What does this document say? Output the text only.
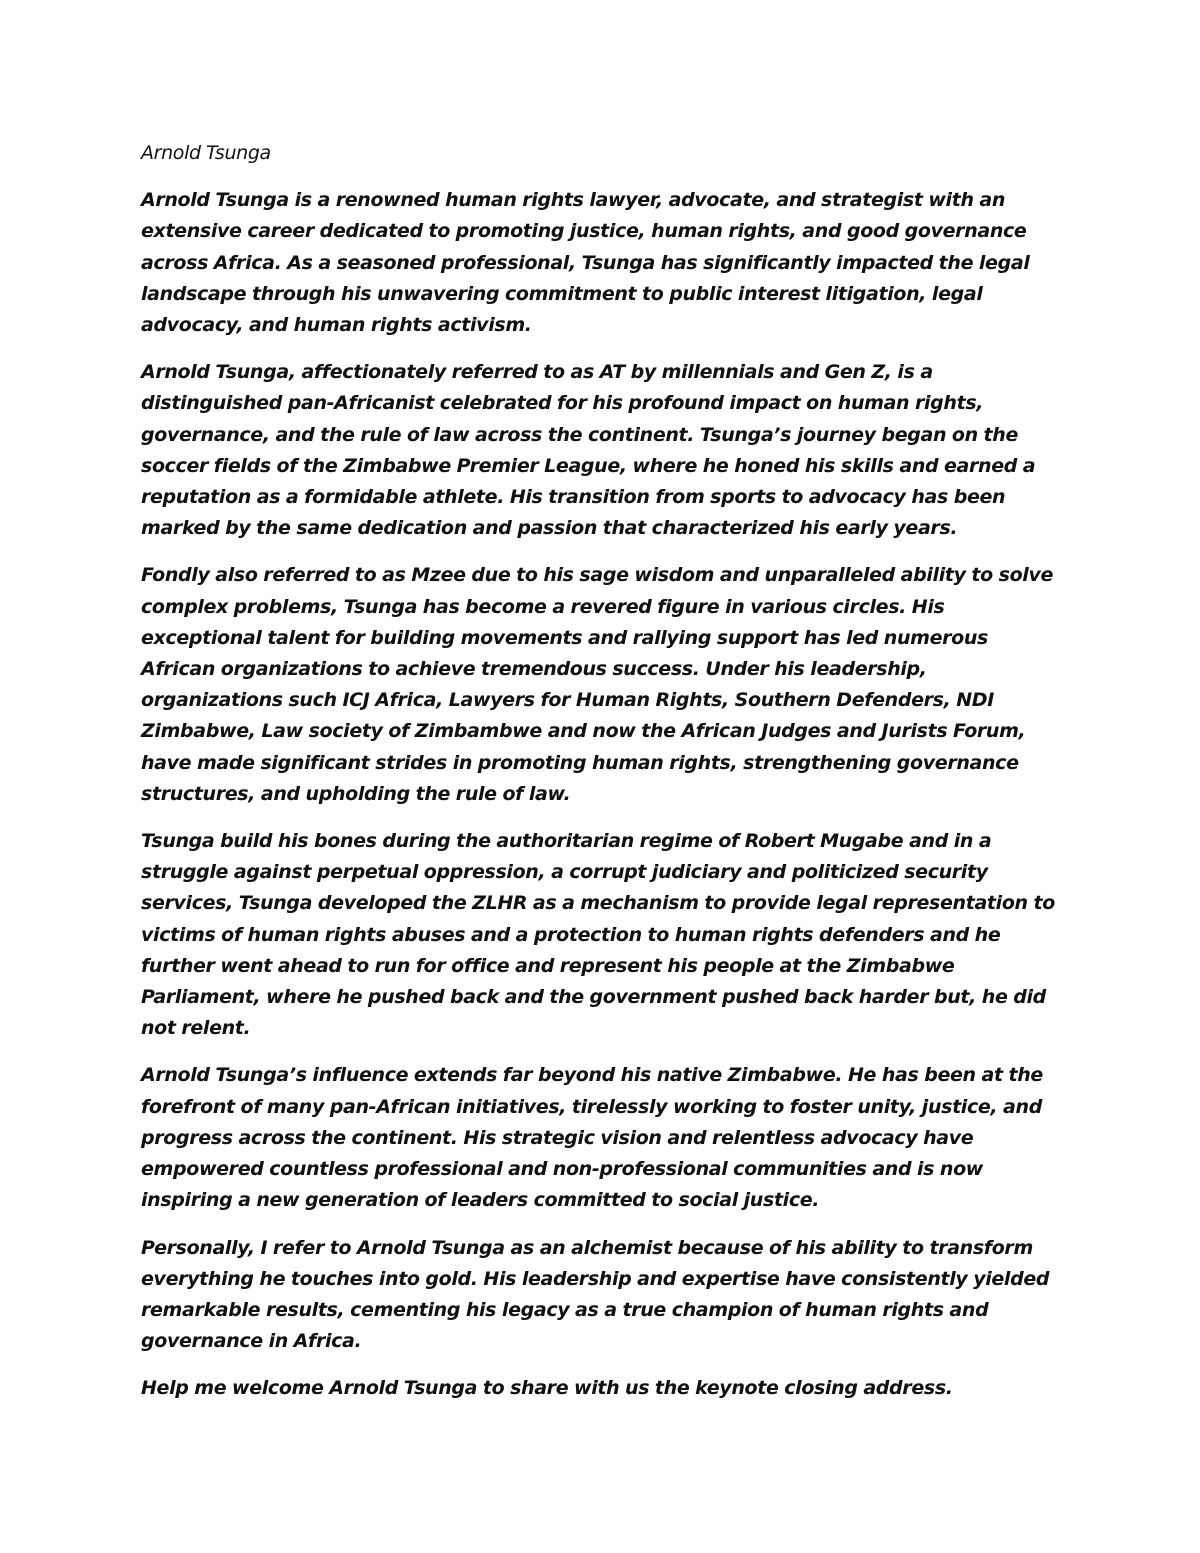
Arnold Tsunga

Arnold Tsunga is a renowned human rights lawyer, advocate, and strategist with an extensive career dedicated to promoting justice, human rights, and good governance across Africa. As a seasoned professional, Tsunga has significantly impacted the legal landscape through his unwavering commitment to public interest litigation, legal advocacy, and human rights activism.

Arnold Tsunga, affectionately referred to as AT by millennials and Gen Z, is a distinguished pan-Africanist celebrated for his profound impact on human rights, governance, and the rule of law across the continent. Tsunga’s journey began on the soccer fields of the Zimbabwe Premier League, where he honed his skills and earned a reputation as a formidable athlete. His transition from sports to advocacy has been marked by the same dedication and passion that characterized his early years.

Fondly also referred to as Mzee due to his sage wisdom and unparalleled ability to solve complex problems, Tsunga has become a revered figure in various circles. His exceptional talent for building movements and rallying support has led numerous African organizations to achieve tremendous success. Under his leadership, organizations such ICJ Africa, Lawyers for Human Rights, Southern Defenders, NDI Zimbabwe, Law society of Zimbambwe and now the African Judges and Jurists Forum, have made significant strides in promoting human rights, strengthening governance structures, and upholding the rule of law.

Tsunga build his bones during the authoritarian regime of Robert Mugabe and in a struggle against perpetual oppression, a corrupt judiciary and politicized security services, Tsunga developed the ZLHR as a mechanism to provide legal representation to victims of human rights abuses and a protection to human rights defenders and he further went ahead to run for office and represent his people at the Zimbabwe Parliament, where he pushed back and the government pushed back harder but, he did not relent.

Arnold Tsunga’s influence extends far beyond his native Zimbabwe. He has been at the forefront of many pan-African initiatives, tirelessly working to foster unity, justice, and progress across the continent. His strategic vision and relentless advocacy have empowered countless professional and non-professional communities and is now inspiring a new generation of leaders committed to social justice.

Personally, I refer to Arnold Tsunga as an alchemist because of his ability to transform everything he touches into gold. His leadership and expertise have consistently yielded remarkable results, cementing his legacy as a true champion of human rights and governance in Africa.

Help me welcome Arnold Tsunga to share with us the keynote closing address.
